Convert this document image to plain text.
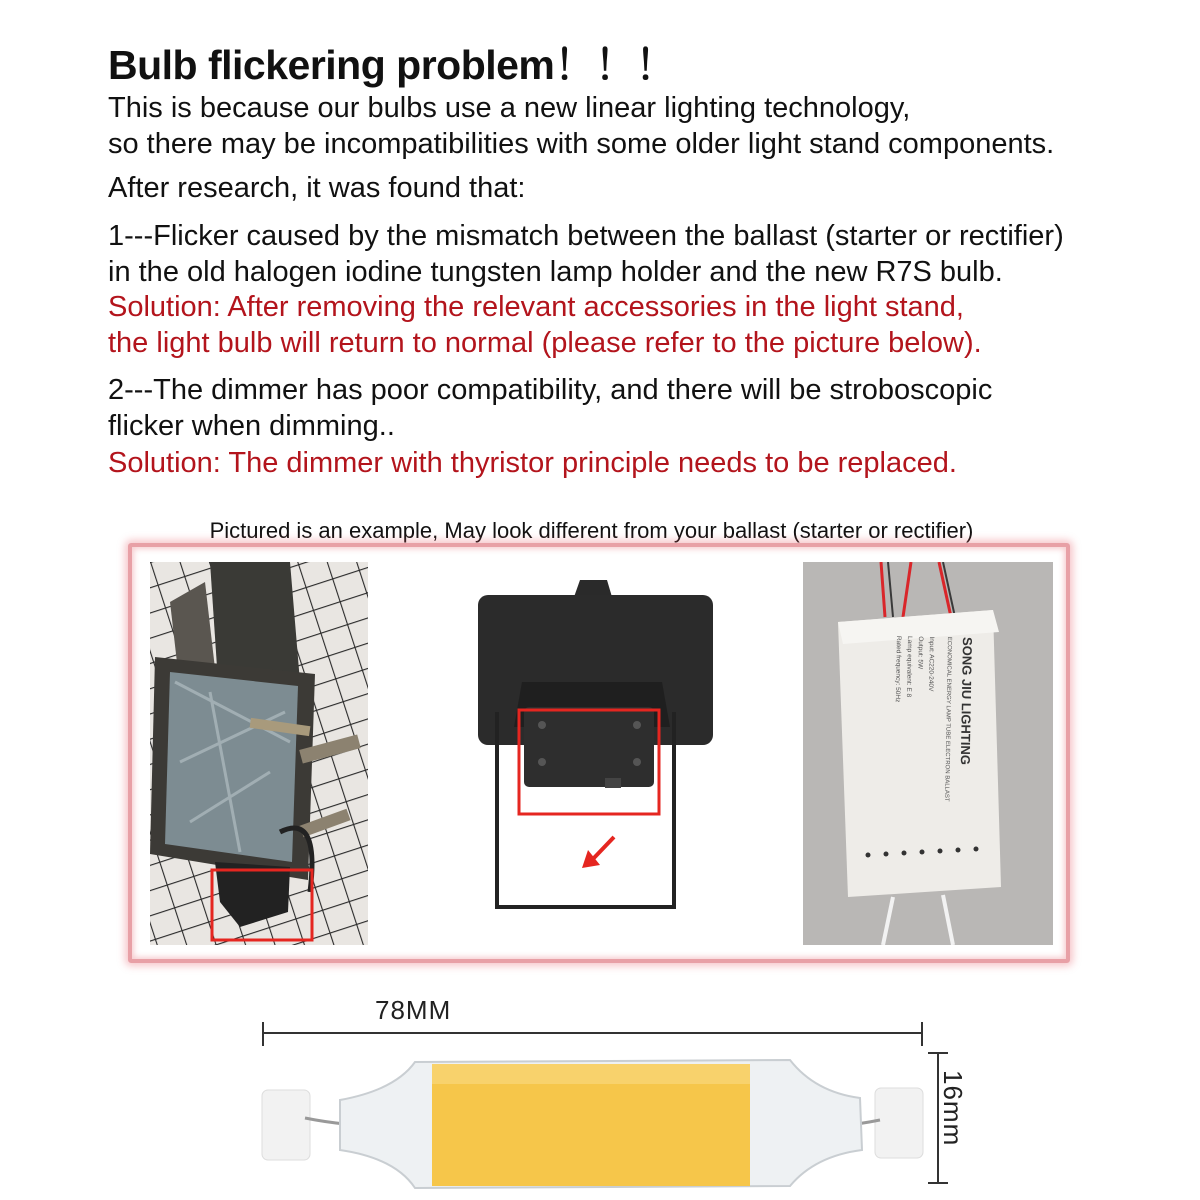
Bulb flickering problem！！！
This is because our bulbs use a new linear lighting technology,
so there may be incompatibilities with some older light stand components.
After research, it was found that:
1---Flicker caused by the mismatch between the ballast (starter or rectifier)
in the old halogen iodine tungsten lamp holder and the new R7S bulb.
Solution: After removing the relevant accessories in the light stand,
the light bulb will return to normal (please refer to the picture below).
2---The dimmer has poor compatibility, and there will be stroboscopic
flicker when dimming..
Solution: The dimmer with thyristor principle needs to be replaced.
Pictured is an example, May look different from your ballast (starter or rectifier)
SONG JIU LIGHTING
ECONOMICAL ENERGY LAMP TUBE ELECTRON BALLAST
Input: AC220-240V
Output: 5W
Lamp equivalent: E 8
Rated frequency: 50Hz
78MM
16mm
